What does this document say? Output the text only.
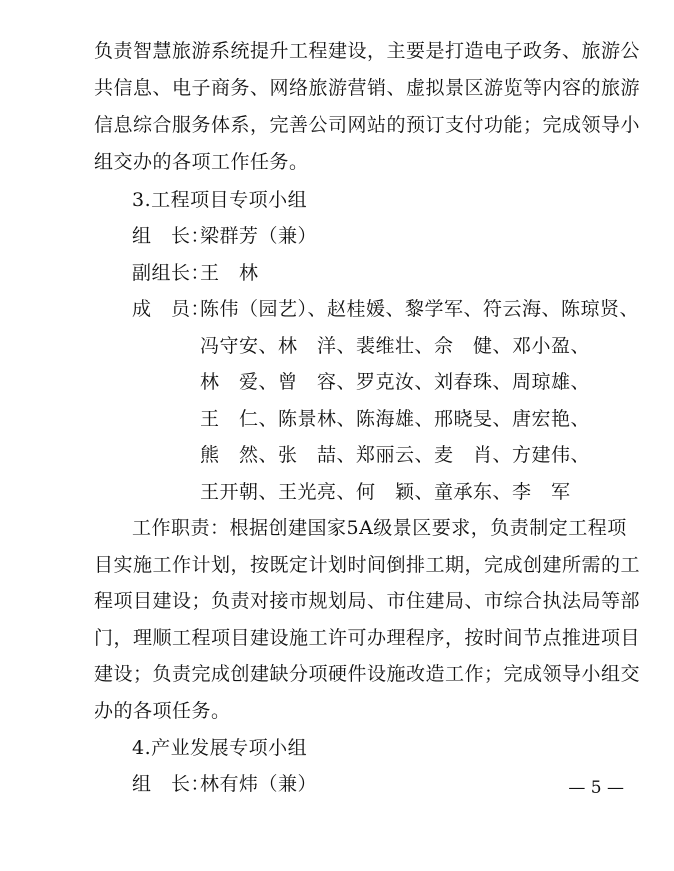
负责智慧旅游系统提升工程建设，主要是打造电子政务、旅游公
共信息、电子商务、网络旅游营销、虚拟景区游览等内容的旅游
信息综合服务体系，完善公司网站的预订支付功能；完成领导小
组交办的各项工作任务。
3.工程项目专项小组
组　长：
梁群芳（兼）
副组长：
王　林
成　员：
陈伟（园艺）、赵桂媛、黎学军、符云海、陈琼贤、
冯守安、林　洋、裴维壮、佘　健、邓小盈、
林　爱、曾　容、罗克汝、刘春珠、周琼雄、
王　仁、陈景林、陈海雄、邢晓旻、唐宏艳、
熊　然、张　喆、郑丽云、麦　肖、方建伟、
王开朝、王光亮、何　颖、童承东、李　军
工作职责：根据创建国家5A级景区要求，负责制定工程项
目实施工作计划，按既定计划时间倒排工期，完成创建所需的工
程项目建设；负责对接市规划局、市住建局、市综合执法局等部
门，理顺工程项目建设施工许可办理程序，按时间节点推进项目
建设；负责完成创建缺分项硬件设施改造工作；完成领导小组交
办的各项任务。
4.产业发展专项小组
组　长：
林有炜（兼）	— 5 —
